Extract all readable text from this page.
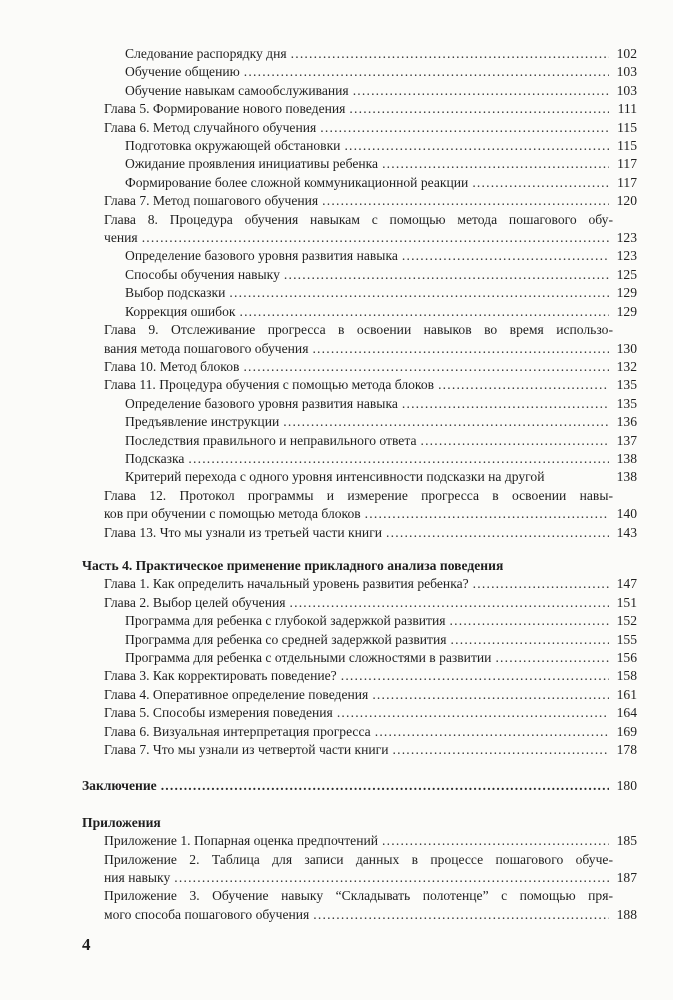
Следование распорядку дня .....	102
Обучение общению .....	103
Обучение навыкам самообслуживания .....	103
Глава 5. Формирование нового поведения .....	111
Глава 6. Метод случайного обучения .....	115
Подготовка окружающей обстановки .....	115
Ожидание проявления инициативы ребенка .....	117
Формирование более сложной коммуникационной реакции .....	117
Глава 7. Метод пошагового обучения .....	120
Глава 8. Процедура обучения навыкам с помощью метода пошагового обу-
чения .....	123
Определение базового уровня развития навыка .....	123
Способы обучения навыку .....	125
Выбор подсказки .....	129
Коррекция ошибок .....	129
Глава 9. Отслеживание прогресса в освоении навыков во время использо-
вания метода пошагового обучения .....	130
Глава 10. Метод блоков .....	132
Глава 11. Процедура обучения с помощью метода блоков .....	135
Определение базового уровня развития навыка .....	135
Предъявление инструкции .....	136
Последствия правильного и неправильного ответа .....	137
Подсказка .....	138
Критерий перехода с одного уровня интенсивности подсказки на другой	138
Глава 12. Протокол программы и измерение прогресса в освоении навы-
ков при обучении с помощью метода блоков .....	140
Глава 13. Что мы узнали из третьей части книги .....	143
Часть 4. Практическое применение прикладного анализа поведения
Глава 1. Как определить начальный уровень развития ребенка? .....	147
Глава 2. Выбор целей обучения .....	151
Программа для ребенка с глубокой задержкой развития .....	152
Программа для ребенка со средней задержкой развития .....	155
Программа для ребенка с отдельными сложностями в развитии .....	156
Глава 3. Как корректировать поведение? .....	158
Глава 4. Оперативное определение поведения .....	161
Глава 5. Способы измерения поведения .....	164
Глава 6. Визуальная интерпретация прогресса .....	169
Глава 7. Что мы узнали из четвертой части книги .....	178
Заключение .....	180
Приложения
Приложение 1. Попарная оценка предпочтений .....	185
Приложение 2. Таблица для записи данных в процессе пошагового обуче-
ния навыку .....	187
Приложение 3. Обучение навыку “Складывать полотенце” с помощью пря-
мого способа пошагового обучения .....	188
4
